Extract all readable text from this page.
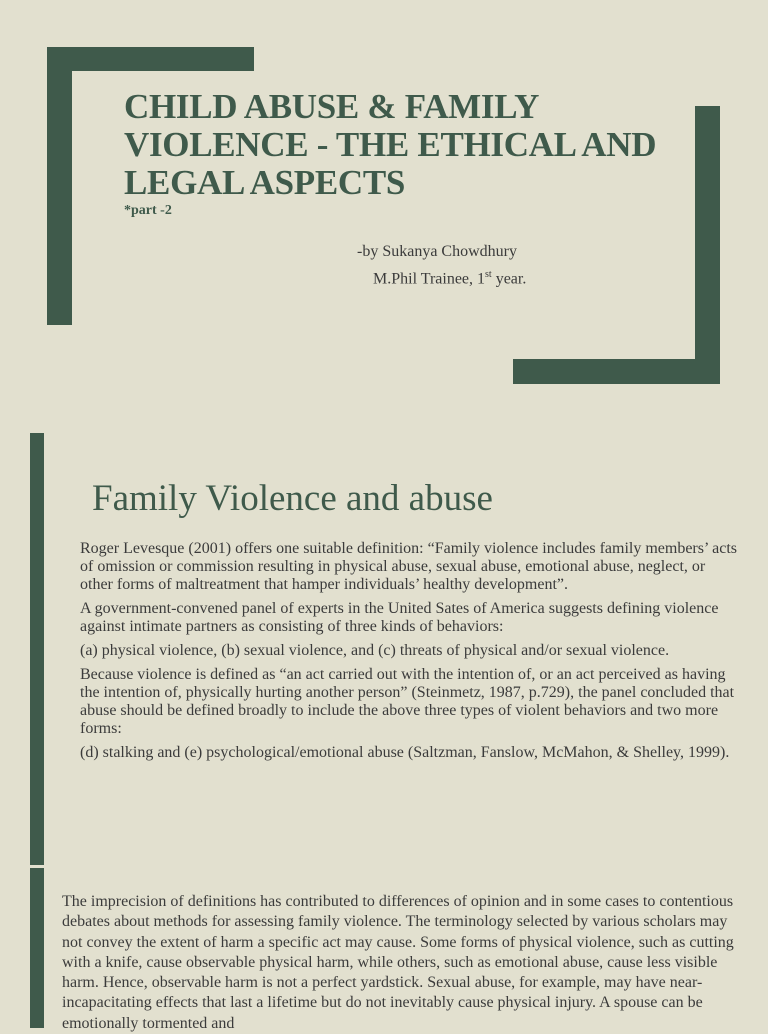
CHILD ABUSE & FAMILY VIOLENCE - THE ETHICAL AND LEGAL ASPECTS
*part -2
-by Sukanya Chowdhury
M.Phil Trainee, 1st year.
Family Violence and abuse

Roger Levesque (2001) offers one suitable definition: “Family violence includes family members’ acts of omission or commission resulting in physical abuse, sexual abuse, emotional abuse, neglect, or other forms of maltreatment that hamper individuals’ healthy development”.

A government-convened panel of experts in the United Sates of America suggests defining violence against intimate partners as consisting of three kinds of behaviors:

(a) physical violence, (b) sexual violence, and (c) threats of physical and/or sexual violence.

Because violence is defined as “an act carried out with the intention of, or an act perceived as having the intention of, physically hurting another person” (Steinmetz, 1987, p.729), the panel concluded that abuse should be defined broadly to include the above three types of violent behaviors and two more forms:

(d) stalking and (e) psychological/emotional abuse (Saltzman, Fanslow, McMahon, & Shelley, 1999).

The imprecision of definitions has contributed to differences of opinion and in some cases to contentious debates about methods for assessing family violence. The terminology selected by various scholars may not convey the extent of harm a specific act may cause. Some forms of physical violence, such as cutting with a knife, cause observable physical harm, while others, such as emotional abuse, cause less visible harm. Hence, observable harm is not a perfect yardstick. Sexual abuse, for example, may have near-incapacitating effects that last a lifetime but do not inevitably cause physical injury. A spouse can be emotionally tormented and
